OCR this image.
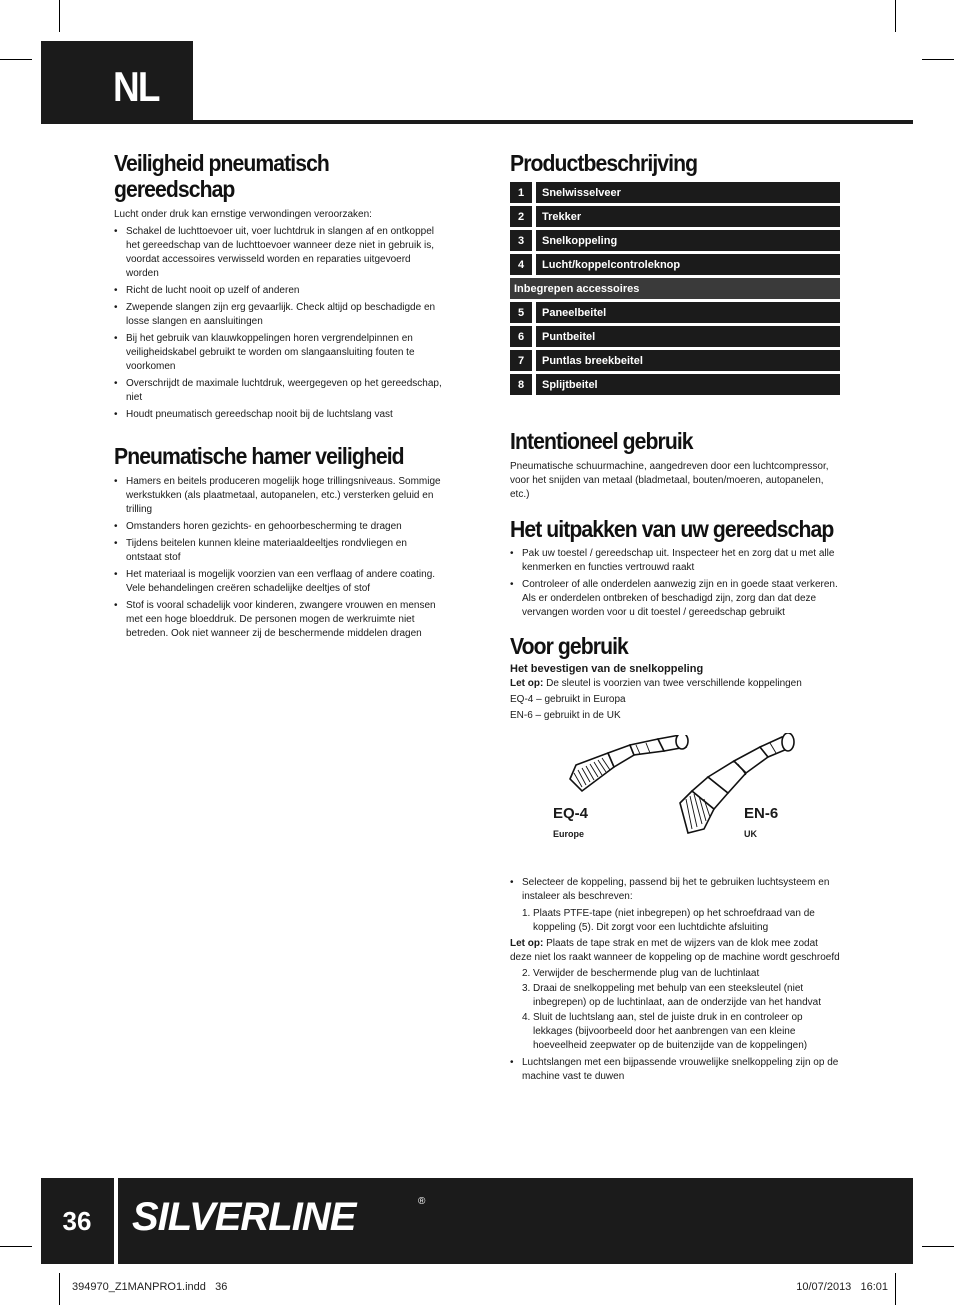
NL
Veiligheid pneumatisch gereedschap

Lucht onder druk kan ernstige verwondingen veroorzaken:

• Schakel de luchttoevoer uit, voer luchtdruk in slangen af en ontkoppel het gereedschap van de luchttoevoer wanneer deze niet in gebruik is, voordat accessoires verwisseld worden en reparaties uitgevoerd worden
• Richt de lucht nooit op uzelf of anderen
• Zwepende slangen zijn erg gevaarlijk. Check altijd op beschadigde en losse slangen en aansluitingen
• Bij het gebruik van klauwkoppelingen horen vergrendelpinnen en veiligheidskabel gebruikt te worden om slangaansluiting fouten te voorkomen
• Overschrijdt de maximale luchtdruk, weergegeven op het gereedschap, niet
• Houdt pneumatisch gereedschap nooit bij de luchtslang vast
Pneumatische hamer veiligheid
• Hamers en beitels produceren mogelijk hoge trillingsniveaus. Sommige werkstukken (als plaatmetaal, autopanelen, etc.) versterken geluid en trilling
• Omstanders horen gezichts- en gehoorbescherming te dragen
• Tijdens beitelen kunnen kleine materiaaldeeltjes rondvliegen en ontstaat stof
• Het materiaal is mogelijk voorzien van een verflaag of andere coating. Vele behandelingen creëren schadelijke deeltjes of stof
• Stof is vooral schadelijk voor kinderen, zwangere vrouwen en mensen met een hoge bloeddruk. De personen mogen de werkruimte niet betreden. Ook niet wanneer zij de beschermende middelen dragen
Productbeschrijving
1	Snelwisselveer
2	Trekker
3	Snelkoppeling
4	Lucht/koppelcontroleknop
Inbegrepen accessoires
5	Paneelbeitel
6	Puntbeitel
7	Puntlas breekbeitel
8	Splijtbeitel
Intentioneel gebruik

Pneumatische schuurmachine, aangedreven door een luchtcompressor, voor het snijden van metaal (bladmetaal, bouten/moeren, autopanelen, etc.)

Het uitpakken van uw gereedschap
• Pak uw toestel / gereedschap uit. Inspecteer het en zorg dat u met alle kenmerken en functies vertrouwd raakt
• Controleer of alle onderdelen aanwezig zijn en in goede staat verkeren. Als er onderdelen ontbreken of beschadigd zijn, zorg dan dat deze vervangen worden voor u dit toestel / gereedschap gebruikt
Voor gebruik

Het bevestigen van de snelkoppeling

Let op: De sleutel is voorzien van twee verschillende koppelingen

EQ-4 – gebruikt in Europa

EN-6 – gebruikt in de UK

EQ-4
Europe
EN-6
UK
• Selecteer de koppeling, passend bij het te gebruiken luchtsysteem en instaleer als beschreven:
1. Plaats PTFE-tape (niet inbegrepen) op het schroefdraad van de koppeling (5). Dit zorgt voor een luchtdichte afsluiting

Let op: Plaats de tape strak en met de wijzers van de klok mee zodat deze niet los raakt wanneer de koppeling op de machine wordt geschroefd

2. Verwijder de beschermende plug van de luchtinlaat
3. Draai de snelkoppeling met behulp van een steeksleutel (niet inbegrepen) op de luchtinlaat, aan de onderzijde van het handvat
4. Sluit de luchtslang aan, stel de juiste druk in en controleer op lekkages (bijvoorbeeld door het aanbrengen van een kleine hoeveelheid zeepwater op de buitenzijde van de koppelingen)
• Luchtslangen met een bijpassende vrouwelijke snelkoppeling zijn op de machine vast te duwen
36	SILVERLINE	®
394970_Z1MANPRO1.indd   36	10/07/2013   16:01
